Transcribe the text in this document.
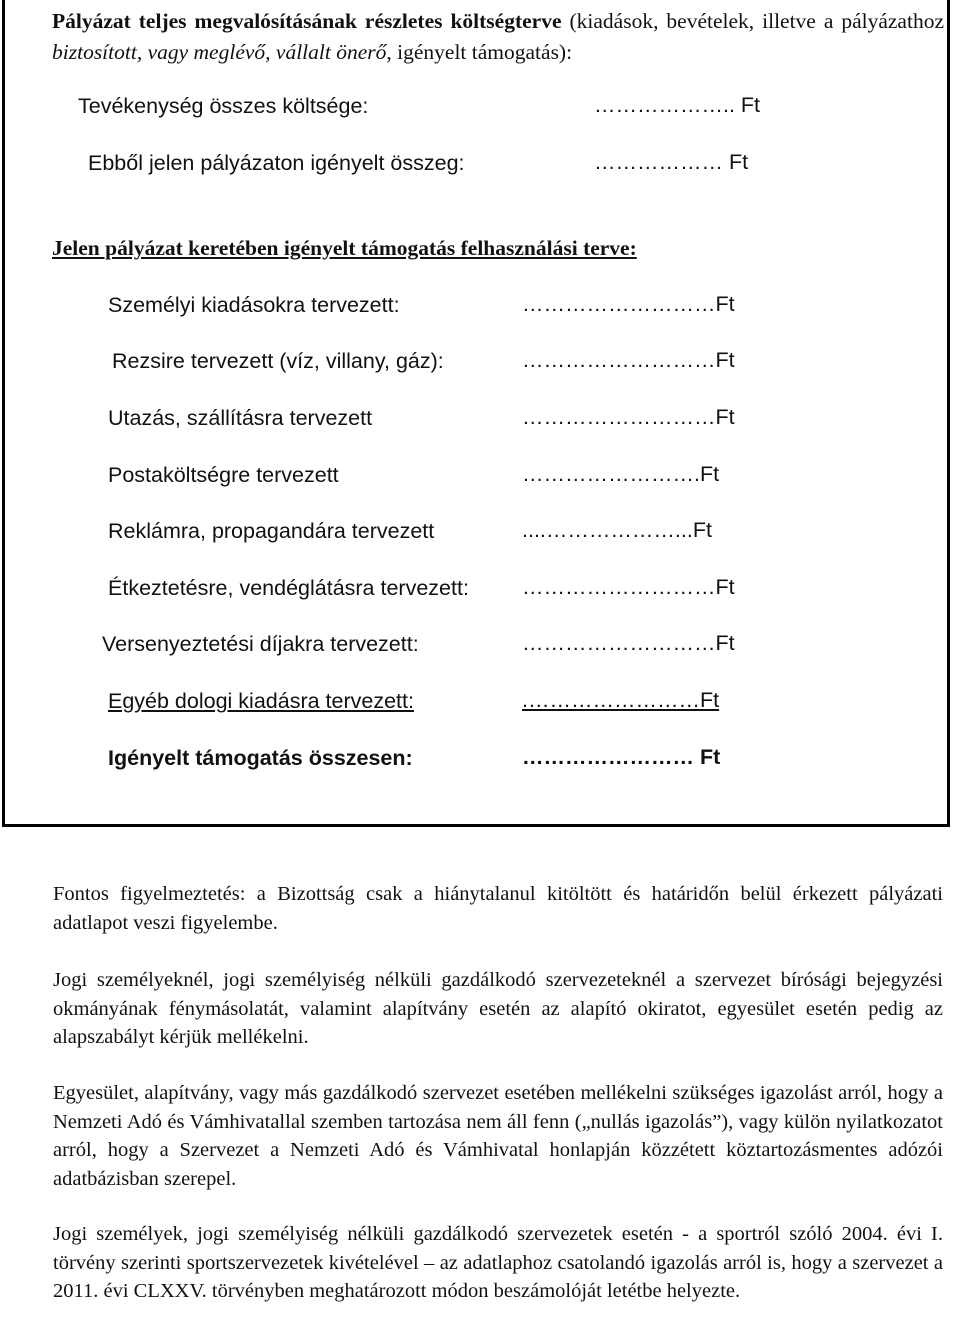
Pályázat teljes megvalósításának részletes költségterve (kiadások, bevételek, illetve a pályázathoz biztosított, vagy meglévő, vállalt önerő, igényelt támogatás):
Tevékenység összes költsége:	……………….. Ft
Ebből jelen pályázaton igényelt összeg:	……………… Ft
Jelen pályázat keretében igényelt támogatás felhasználási terve:
Személyi kiadásokra tervezett:	………………………Ft
Rezsire tervezett (víz, villany, gáz):	………………………Ft
Utazás, szállításra tervezett	………………………Ft
Postaköltségre tervezett	…………………….Ft
Reklámra, propagandára tervezett	....………………...Ft
Étkeztetésre, vendéglátásra tervezett: ………………………Ft
Versenyeztetési díjakra tervezett:	………………………Ft
Egyéb dologi kiadásra tervezett:	.……………………Ft
Igényelt támogatás összesen:	…………………… Ft
Fontos figyelmeztetés: a Bizottság csak a hiánytalanul kitöltött és határidőn belül érkezett pályázati adatlapot veszi figyelembe.
Jogi személyeknél, jogi személyiség nélküli gazdálkodó szervezeteknél a szervezet bírósági bejegyzési okmányának fénymásolatát, valamint alapítvány esetén az alapító okiratot, egyesület esetén pedig az alapszabályt kérjük mellékelni.
Egyesület, alapítvány, vagy más gazdálkodó szervezet esetében mellékelni szükséges igazolást arról, hogy a Nemzeti Adó és Vámhivatallal szemben tartozása nem áll fenn („nullás igazolás”), vagy külön nyilatkozatot arról, hogy a Szervezet a Nemzeti Adó és Vámhivatal honlapján közzétett köztartozásmentes adózói adatbázisban szerepel.
Jogi személyek, jogi személyiség nélküli gazdálkodó szervezetek esetén - a sportról szóló 2004. évi I. törvény szerinti sportszervezetek kivételével – az adatlaphoz csatolandó igazolás arról is, hogy a szervezet a 2011. évi CLXXV. törvényben meghatározott módon beszámolóját letétbe helyezte.
